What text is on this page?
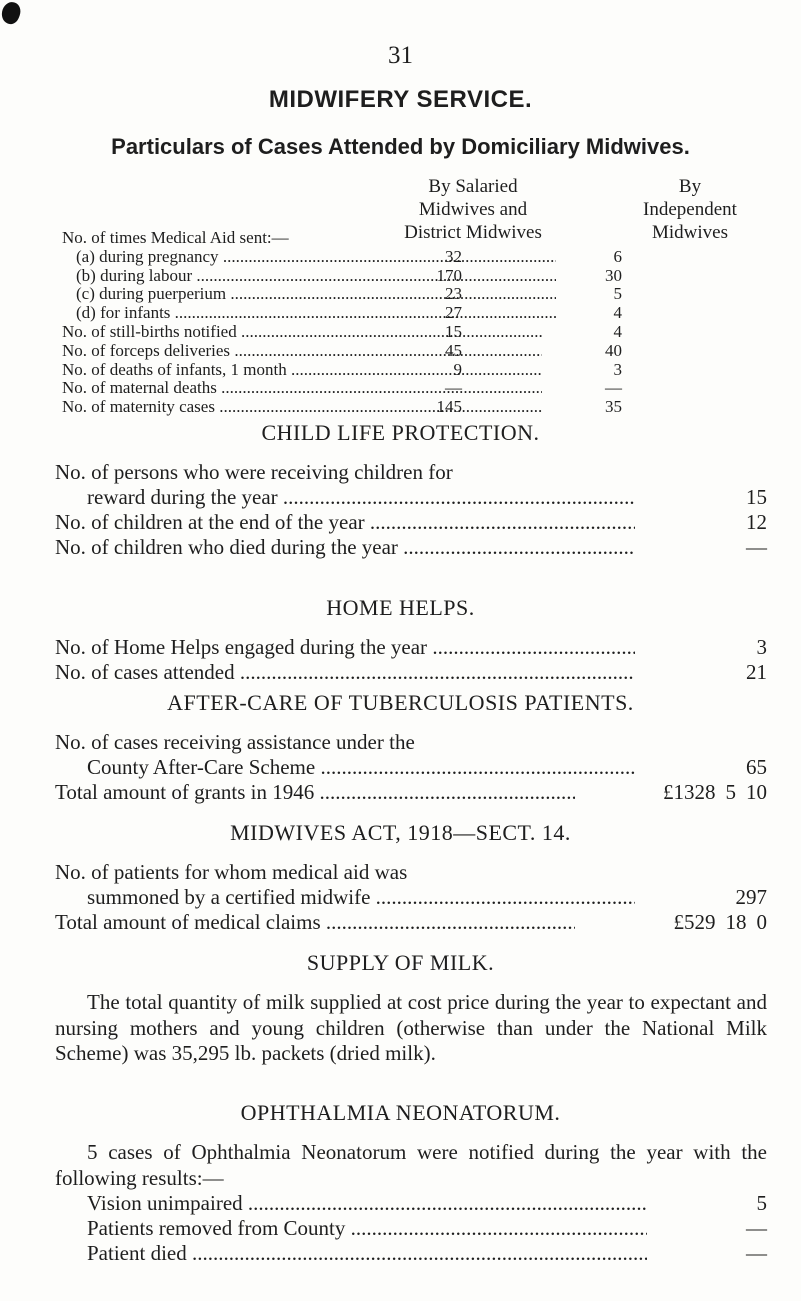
31
MIDWIFERY SERVICE.
Particulars of Cases Attended by Domiciliary Midwives.
By Salaried
Midwives and
District Midwives
By
Independent
Midwives
No. of times Medical Aid sent:—
(a) during pregnancy .....	32	6
(b) during labour .....	170	30
(c) during puerperium .....	23	5
(d) for infants .....	27	4
No. of still-births notified .....	15	4
No. of forceps deliveries .....	45	40
No. of deaths of infants, 1 month .....	9	3
No. of maternal deaths .....	—	—
No. of maternity cases .....	145	35
CHILD LIFE PROTECTION.
No. of persons who were receiving children for
reward during the year .....	15
No. of children at the end of the year .....	12
No. of children who died during the year .....	—
HOME HELPS.
No. of Home Helps engaged during the year .....	3
No. of cases attended .....	21
AFTER-CARE OF TUBERCULOSIS PATIENTS.
No. of cases receiving assistance under the
County After-Care Scheme .....	65
Total amount of grants in 1946 .....	£1328 5 10
MIDWIVES ACT, 1918—SECT. 14.
No. of patients for whom medical aid was
summoned by a certified midwife .....	297
Total amount of medical claims .....	£529 18 0
SUPPLY OF MILK.

The total quantity of milk supplied at cost price during the year to expectant and nursing mothers and young children (otherwise than under the National Milk Scheme) was 35,295 lb. packets (dried milk).

OPHTHALMIA NEONATORUM.

5 cases of Ophthalmia Neonatorum were notified during the year with the following results:—

Vision unimpaired .....	5
Patients removed from County .....	—
Patient died .....	—
